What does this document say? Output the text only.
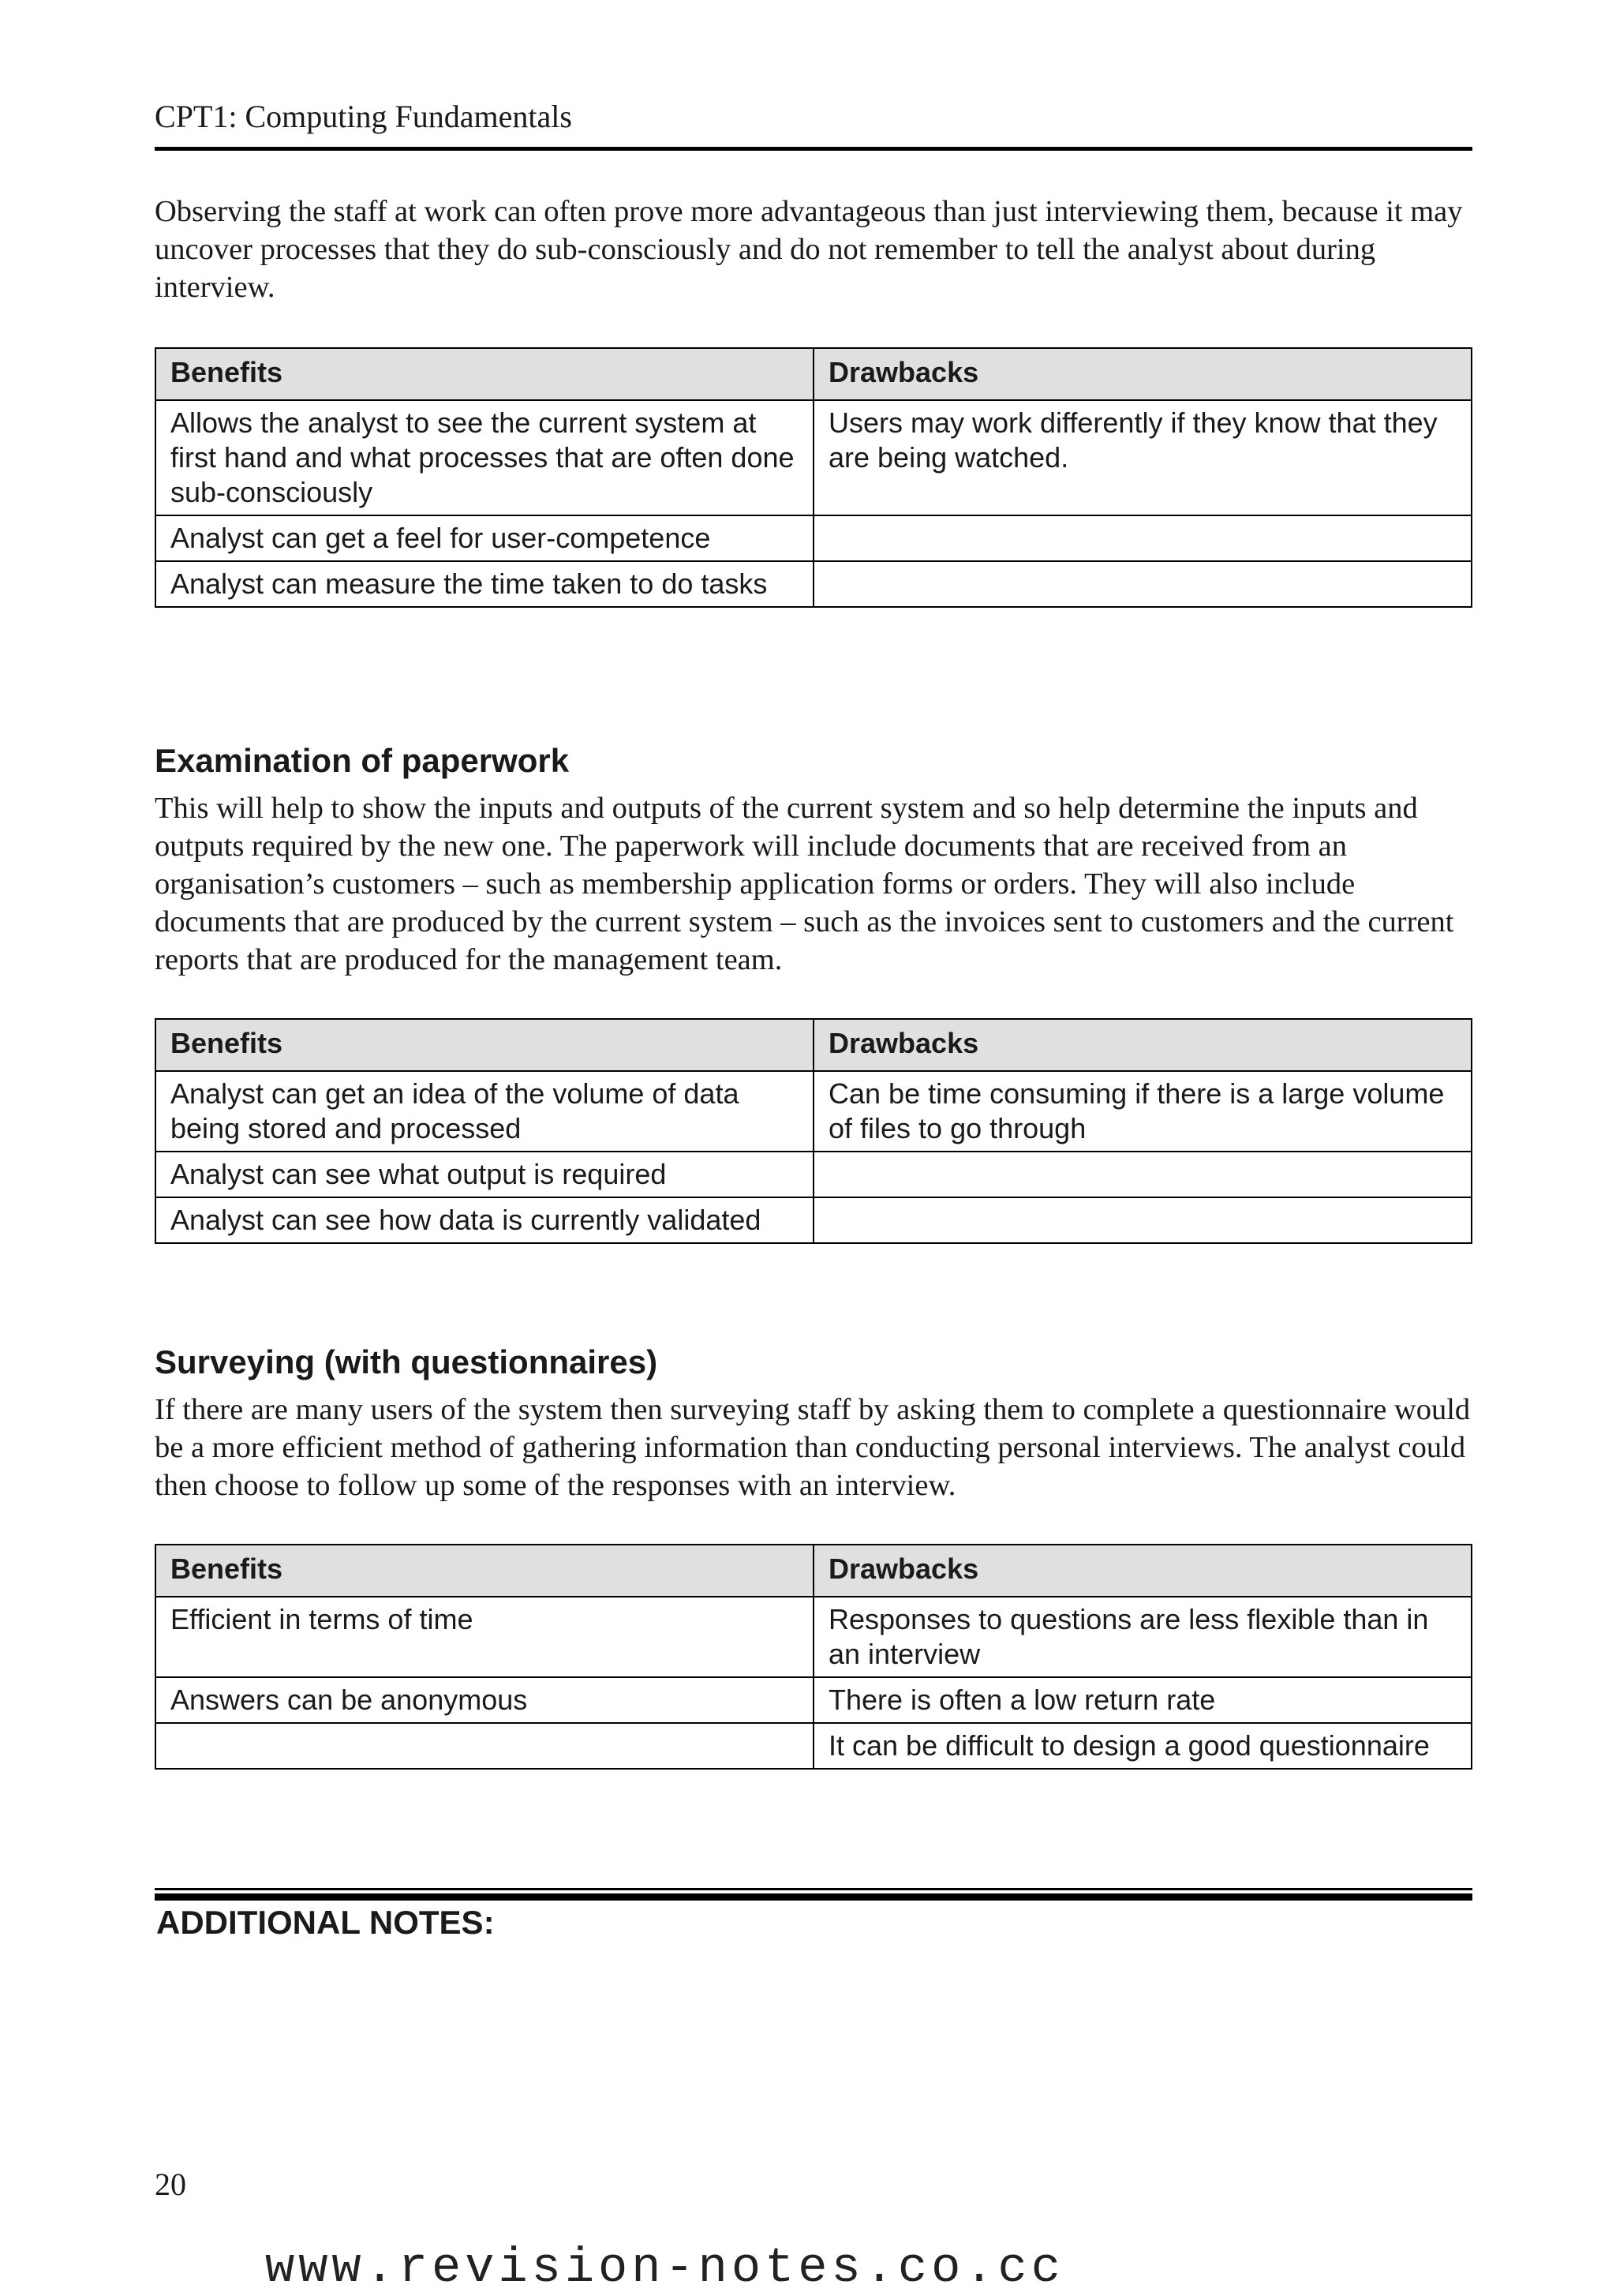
CPT1: Computing Fundamentals

Observing the staff at work can often prove more advantageous than just interviewing them, because it may uncover processes that they do sub-consciously and do not remember to tell the analyst about during interview.

Benefits	Drawbacks
Allows the analyst to see the current system at first hand and what processes that are often done sub-consciously	Users may work differently if they know that they are being watched.
Analyst can get a feel for user-competence	
Analyst can measure the time taken to do tasks	
Examination of paperwork

This will help to show the inputs and outputs of the current system and so help determine the inputs and outputs required by the new one. The paperwork will include documents that are received from an organisation’s customers – such as membership application forms or orders. They will also include documents that are produced by the current system – such as the invoices sent to customers and the current reports that are produced for the management team.

Benefits	Drawbacks
Analyst can get an idea of the volume of data being stored and processed	Can be time consuming if there is a large volume of files to go through
Analyst can see what output is required	
Analyst can see how data is currently validated	
Surveying (with questionnaires)

If there are many users of the system then surveying staff by asking them to complete a questionnaire would be a more efficient method of gathering information than conducting personal interviews. The analyst could then choose to follow up some of the responses with an interview.

Benefits	Drawbacks
Efficient in terms of time	Responses to questions are less flexible than in an interview
Answers can be anonymous	There is often a low return rate
	It can be difficult to design a good questionnaire
ADDITIONAL NOTES:
20
www.revision-notes.co.cc
